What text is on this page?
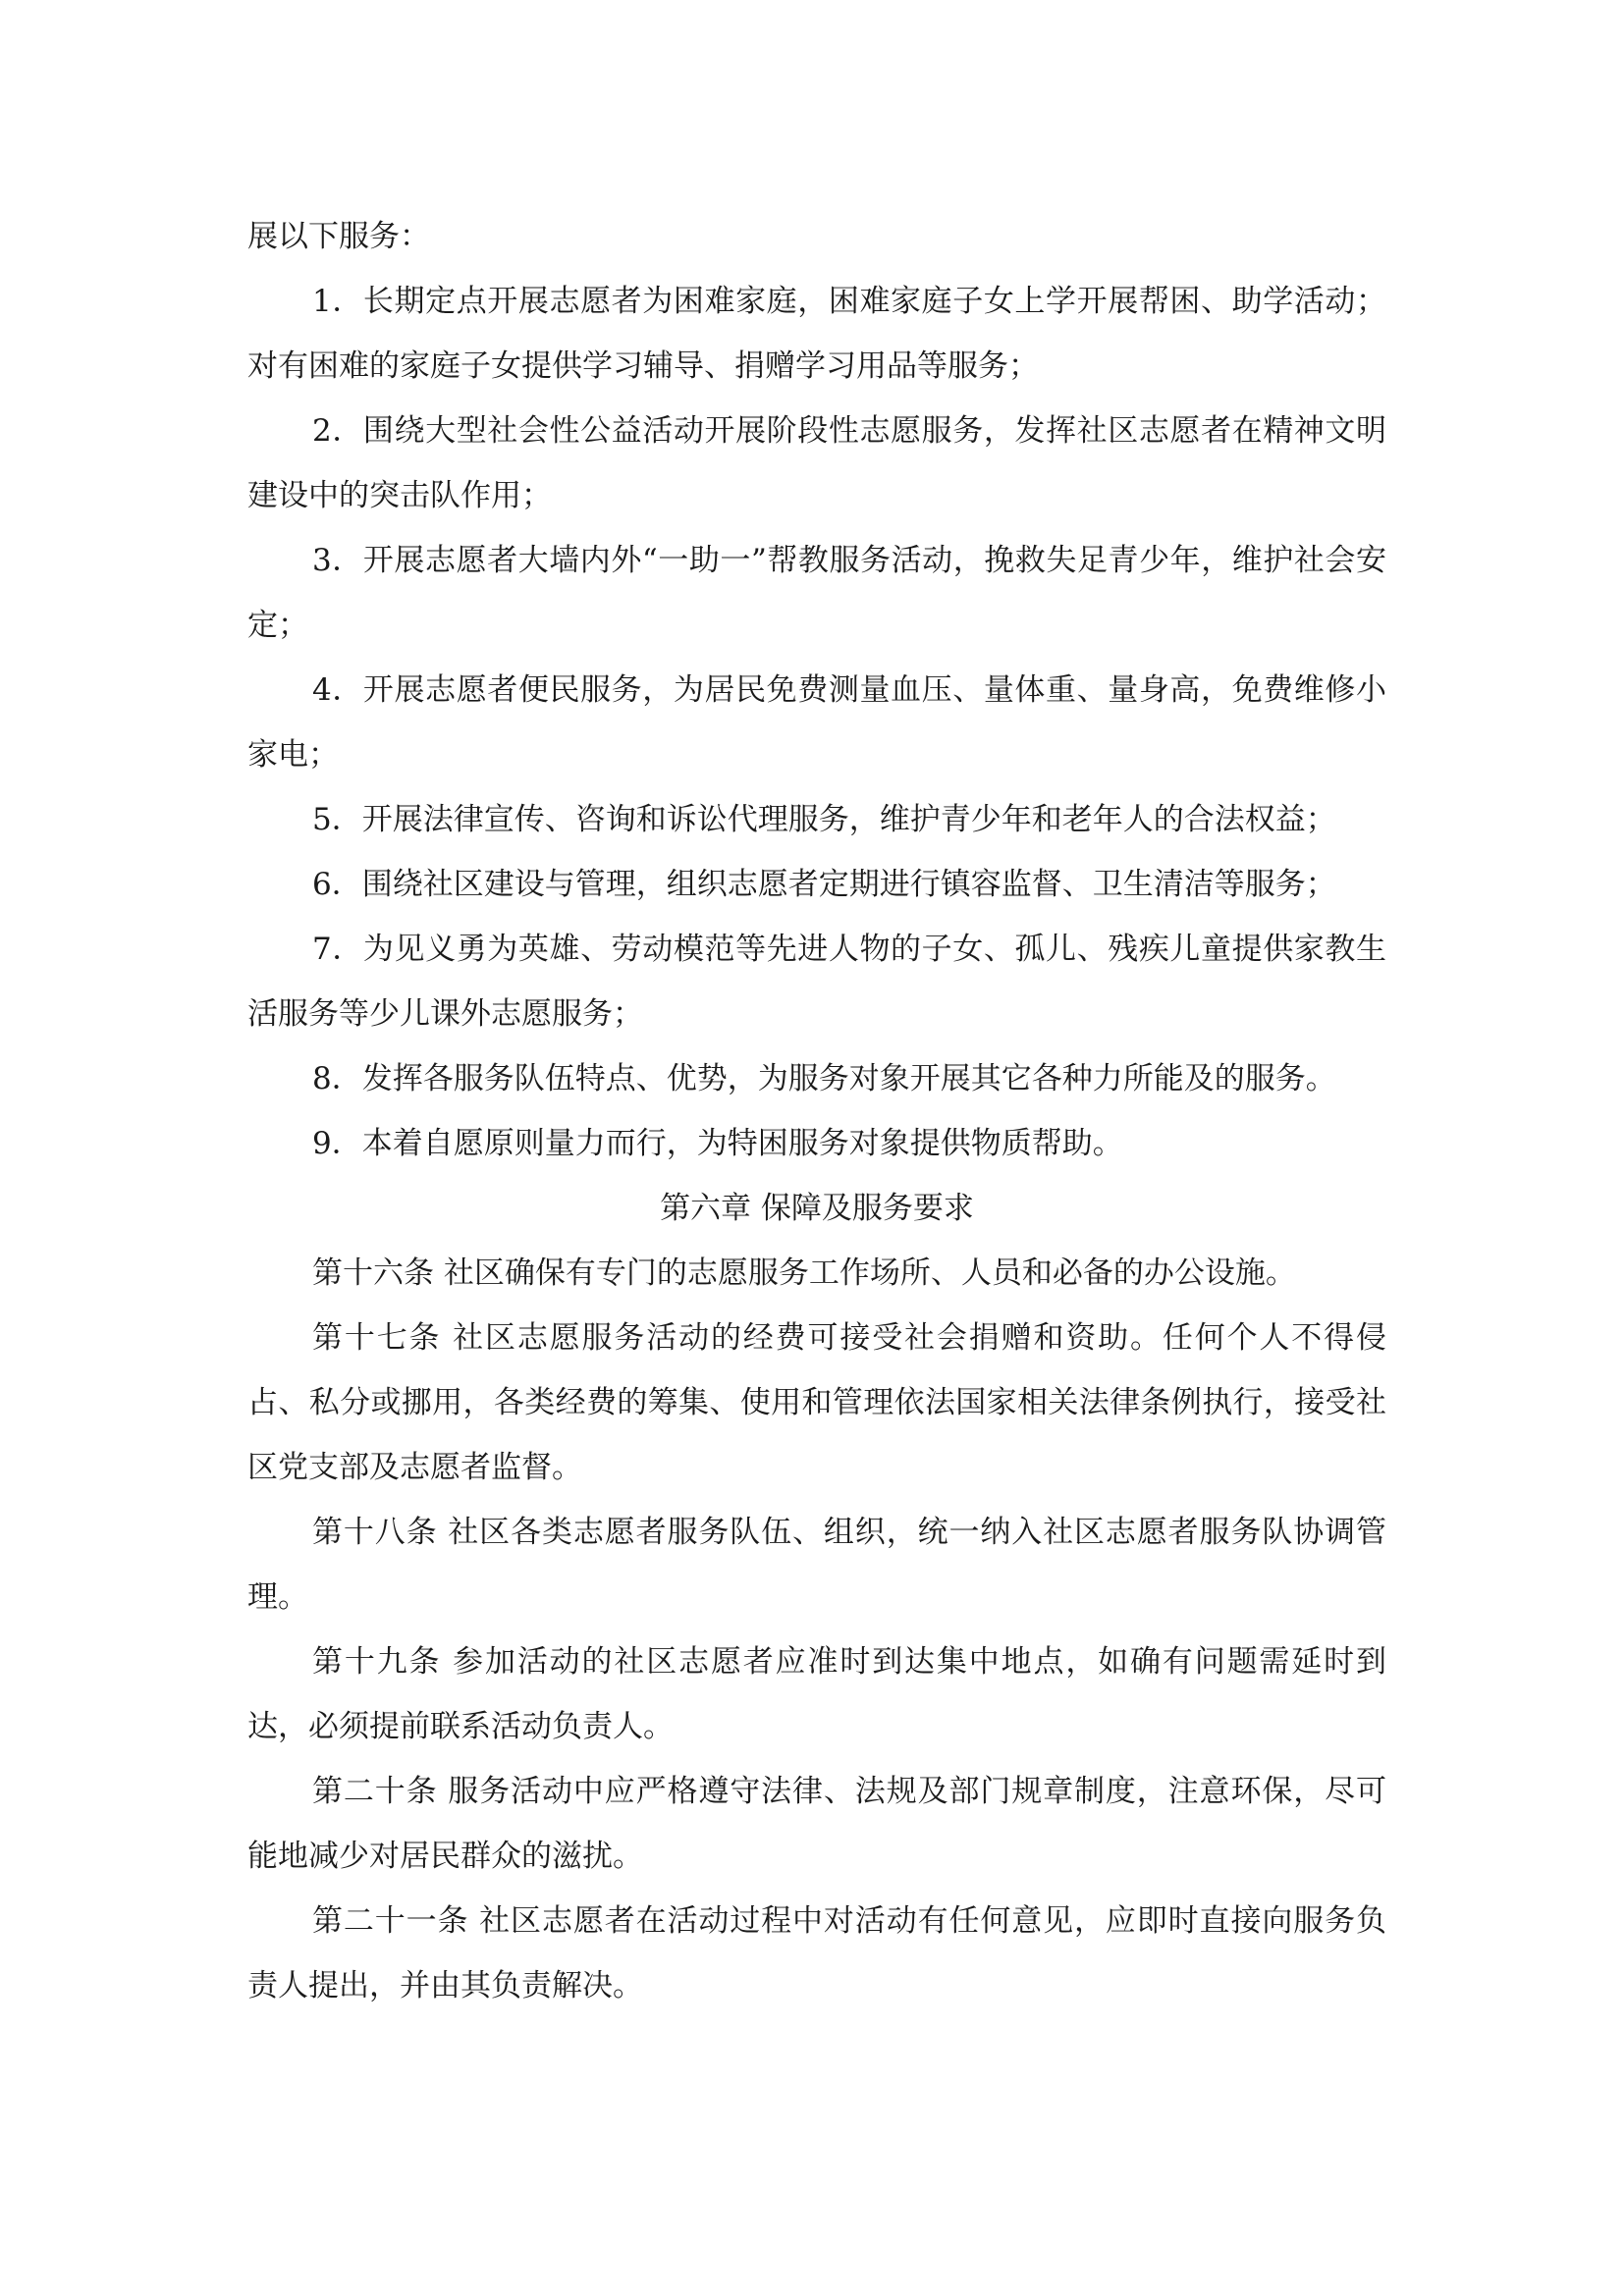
展以下服务：

1．长期定点开展志愿者为困难家庭，困难家庭子女上学开展帮困、助学活动；对有困难的家庭子女提供学习辅导、捐赠学习用品等服务；

2．围绕大型社会性公益活动开展阶段性志愿服务，发挥社区志愿者在精神文明建设中的突击队作用；

3．开展志愿者大墙内外“一助一”帮教服务活动，挽救失足青少年，维护社会安定；

4．开展志愿者便民服务，为居民免费测量血压、量体重、量身高，免费维修小家电；

5．开展法律宣传、咨询和诉讼代理服务，维护青少年和老年人的合法权益；

6．围绕社区建设与管理，组织志愿者定期进行镇容监督、卫生清洁等服务；

7．为见义勇为英雄、劳动模范等先进人物的子女、孤儿、残疾儿童提供家教生活服务等少儿课外志愿服务；

8．发挥各服务队伍特点、优势，为服务对象开展其它各种力所能及的服务。

9．本着自愿原则量力而行，为特困服务对象提供物质帮助。

第六章 保障及服务要求

第十六条 社区确保有专门的志愿服务工作场所、人员和必备的办公设施。

第十七条 社区志愿服务活动的经费可接受社会捐赠和资助。任何个人不得侵占、私分或挪用，各类经费的筹集、使用和管理依法国家相关法律条例执行，接受社区党支部及志愿者监督。

第十八条 社区各类志愿者服务队伍、组织，统一纳入社区志愿者服务队协调管理。

第十九条 参加活动的社区志愿者应准时到达集中地点，如确有问题需延时到达，必须提前联系活动负责人。

第二十条 服务活动中应严格遵守法律、法规及部门规章制度，注意环保，尽可能地减少对居民群众的滋扰。

第二十一条 社区志愿者在活动过程中对活动有任何意见，应即时直接向服务负责人提出，并由其负责解决。
